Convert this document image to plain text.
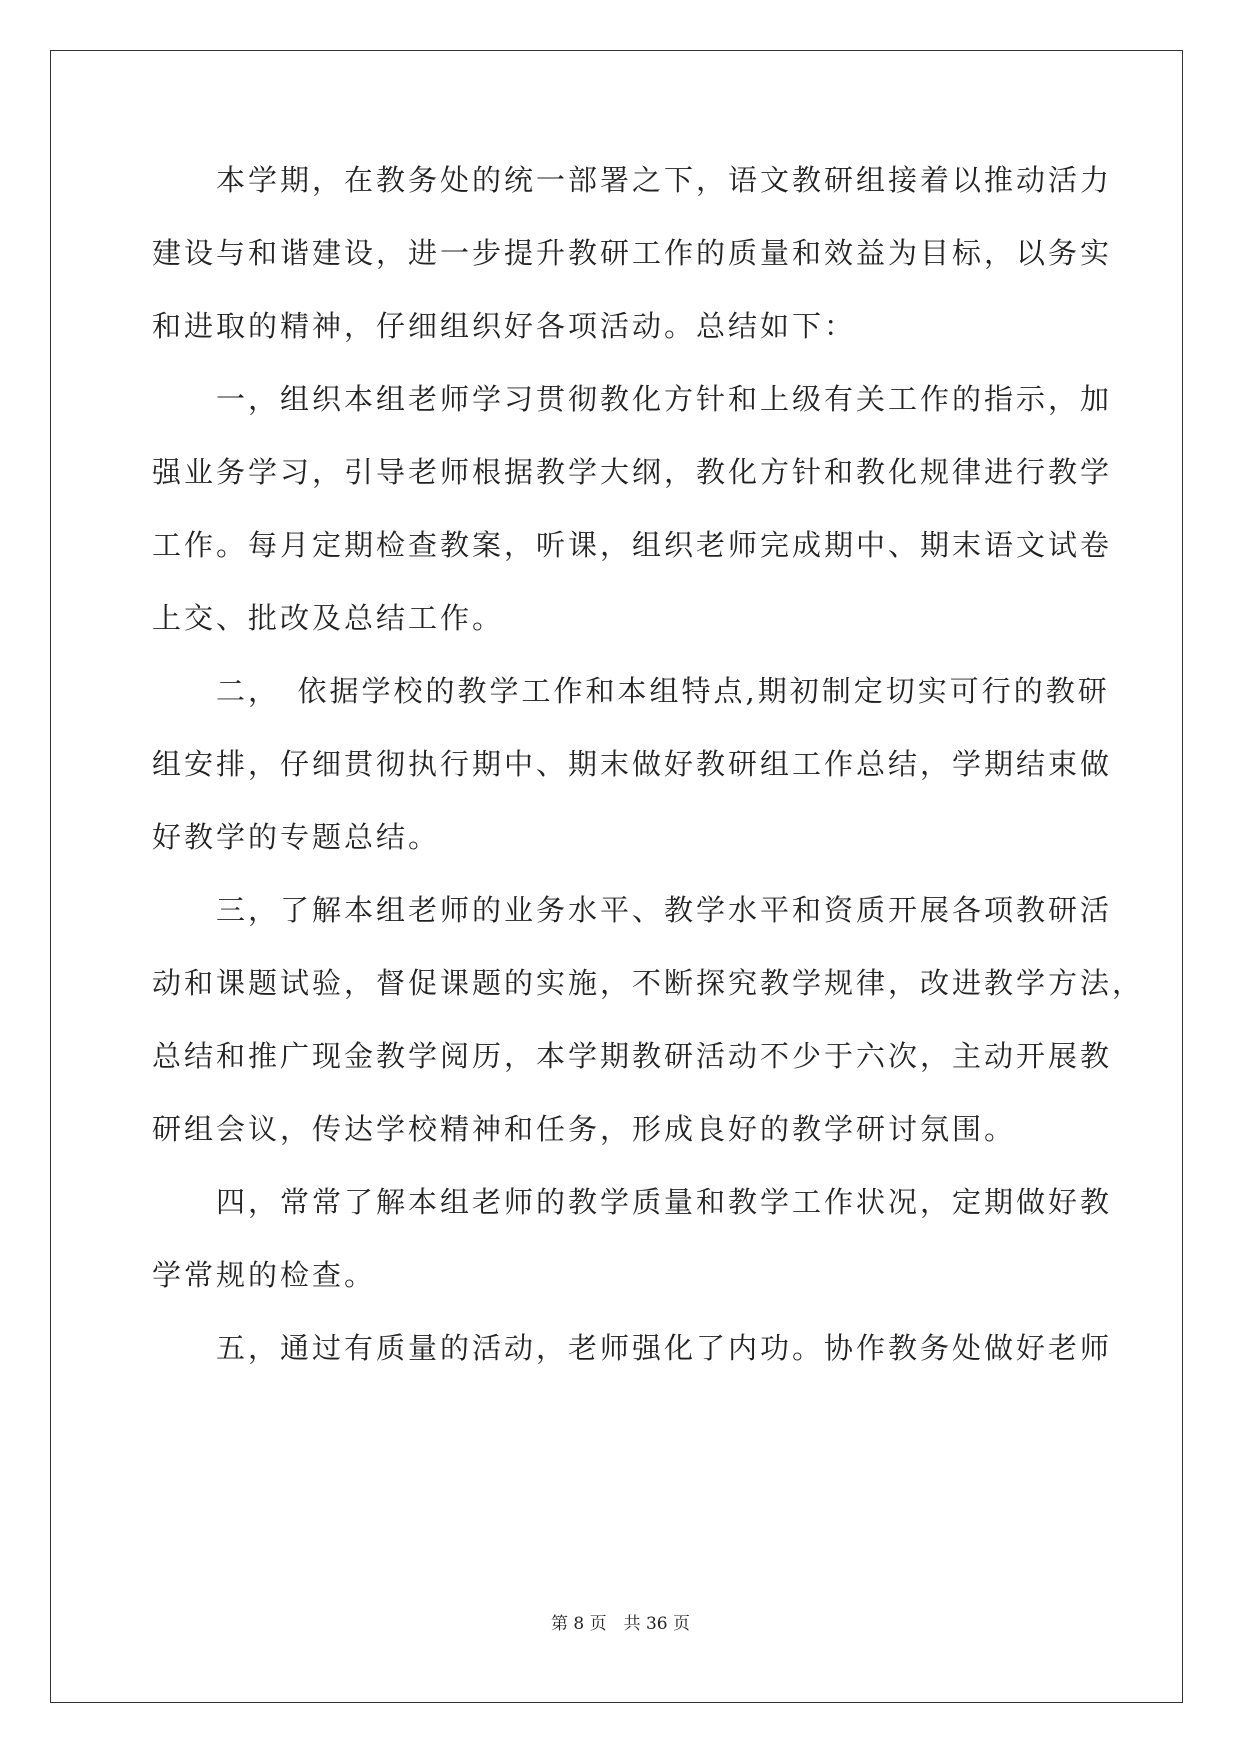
　　本学期，在教务处的统一部署之下，语文教研组接着以推动活力
建设与和谐建设，进一步提升教研工作的质量和效益为目标，以务实
和进取的精神，仔细组织好各项活动。总结如下：
　　一，组织本组老师学习贯彻教化方针和上级有关工作的指示，加
强业务学习，引导老师根据教学大纲，教化方针和教化规律进行教学
工作。每月定期检查教案，听课，组织老师完成期中、期末语文试卷
上交、批改及总结工作。
　　二，　依据学校的教学工作和本组特点,期初制定切实可行的教研
组安排，仔细贯彻执行期中、期末做好教研组工作总结，学期结束做
好教学的专题总结。
　　三，了解本组老师的业务水平、教学水平和资质开展各项教研活
动和课题试验，督促课题的实施，不断探究教学规律，改进教学方法，
总结和推广现金教学阅历，本学期教研活动不少于六次，主动开展教
研组会议，传达学校精神和任务，形成良好的教学研讨氛围。
　　四，常常了解本组老师的教学质量和教学工作状况，定期做好教
学常规的检查。
　　五，通过有质量的活动，老师强化了内功。协作教务处做好老师
第 8 页　共 36 页
